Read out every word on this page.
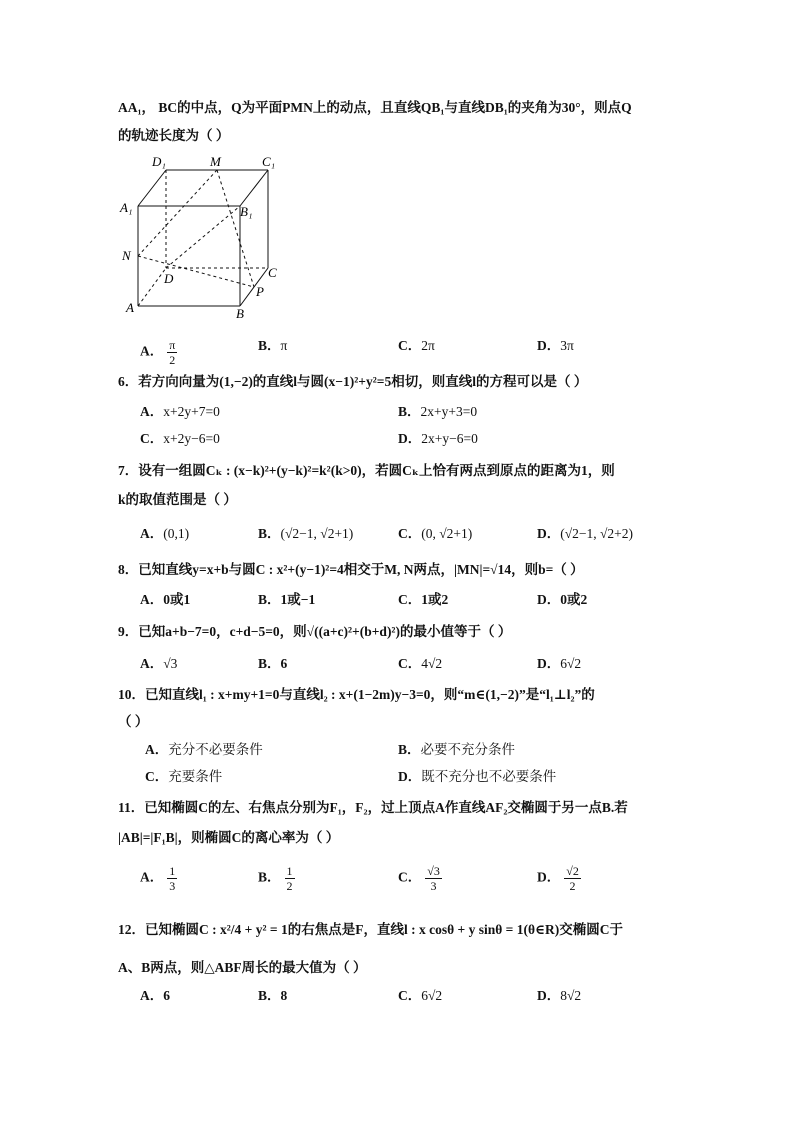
AA₁， BC的中点，Q为平面PMN上的动点，且直线QB₁与直线DB₁的夹角为30°，则点Q
的轨迹长度为（ ）
D₁	M	C₁
A₁	B₁
N
D	C
A
P
B
A． $\frac{\pi}{2}$	B．π	C．2π	D．3π
6．若方向向量为(1,−2)的直线l与圆(x−1)²+y²=5相切，则直线l的方程可以是（ ）
A．x+2y+7=0	B．2x+y+3=0
C．x+2y−6=0	D．2x+y−6=0
7．设有一组圆Cₖ : (x−k)²+(y−k)²=k²(k>0)，若圆Cₖ上恰有两点到原点的距离为1，则
k的取值范围是（ ）
A．(0,1)	B．(√2−1, √2+1)	C．(0, √2+1)	D．(√2−1, √2+2)
8．已知直线y=x+b与圆C : x²+(y−1)²=4相交于M, N两点，|MN|=√14，则b=（ ）
A．0或1	B．1或−1	C．1或2	D．0或2
9．已知a+b−7=0，c+d−5=0，则√((a+c)²+(b+d)²)的最小值等于（ ）
A．√3	B．6	C．4√2	D．6√2
10．已知直线l₁ : x+my+1=0与直线l₂ : x+(1−2m)y−3=0，则“m∈(1,−2)”是“l₁⊥l₂”的
（ ）
A．充分不必要条件	B．必要不充分条件
C．充要条件	D．既不充分也不必要条件
11．已知椭圆C的左、右焦点分别为F₁，F₂，过上顶点A作直线AF₂交椭圆于另一点B.若
|AB|=|F₁B|，则椭圆C的离心率为（ ）
A． $\frac{1}{3}$	B． $\frac{1}{2}$	C． $\frac{√3}{3}$	D． $\frac{√2}{2}$
12．已知椭圆C : x²/4 + y² = 1的右焦点是F，直线l : x cosθ + y sinθ = 1(θ∈R)交椭圆C于
A、B两点，则△ABF周长的最大值为（ ）
A．6	B．8	C．6√2	D．8√2
